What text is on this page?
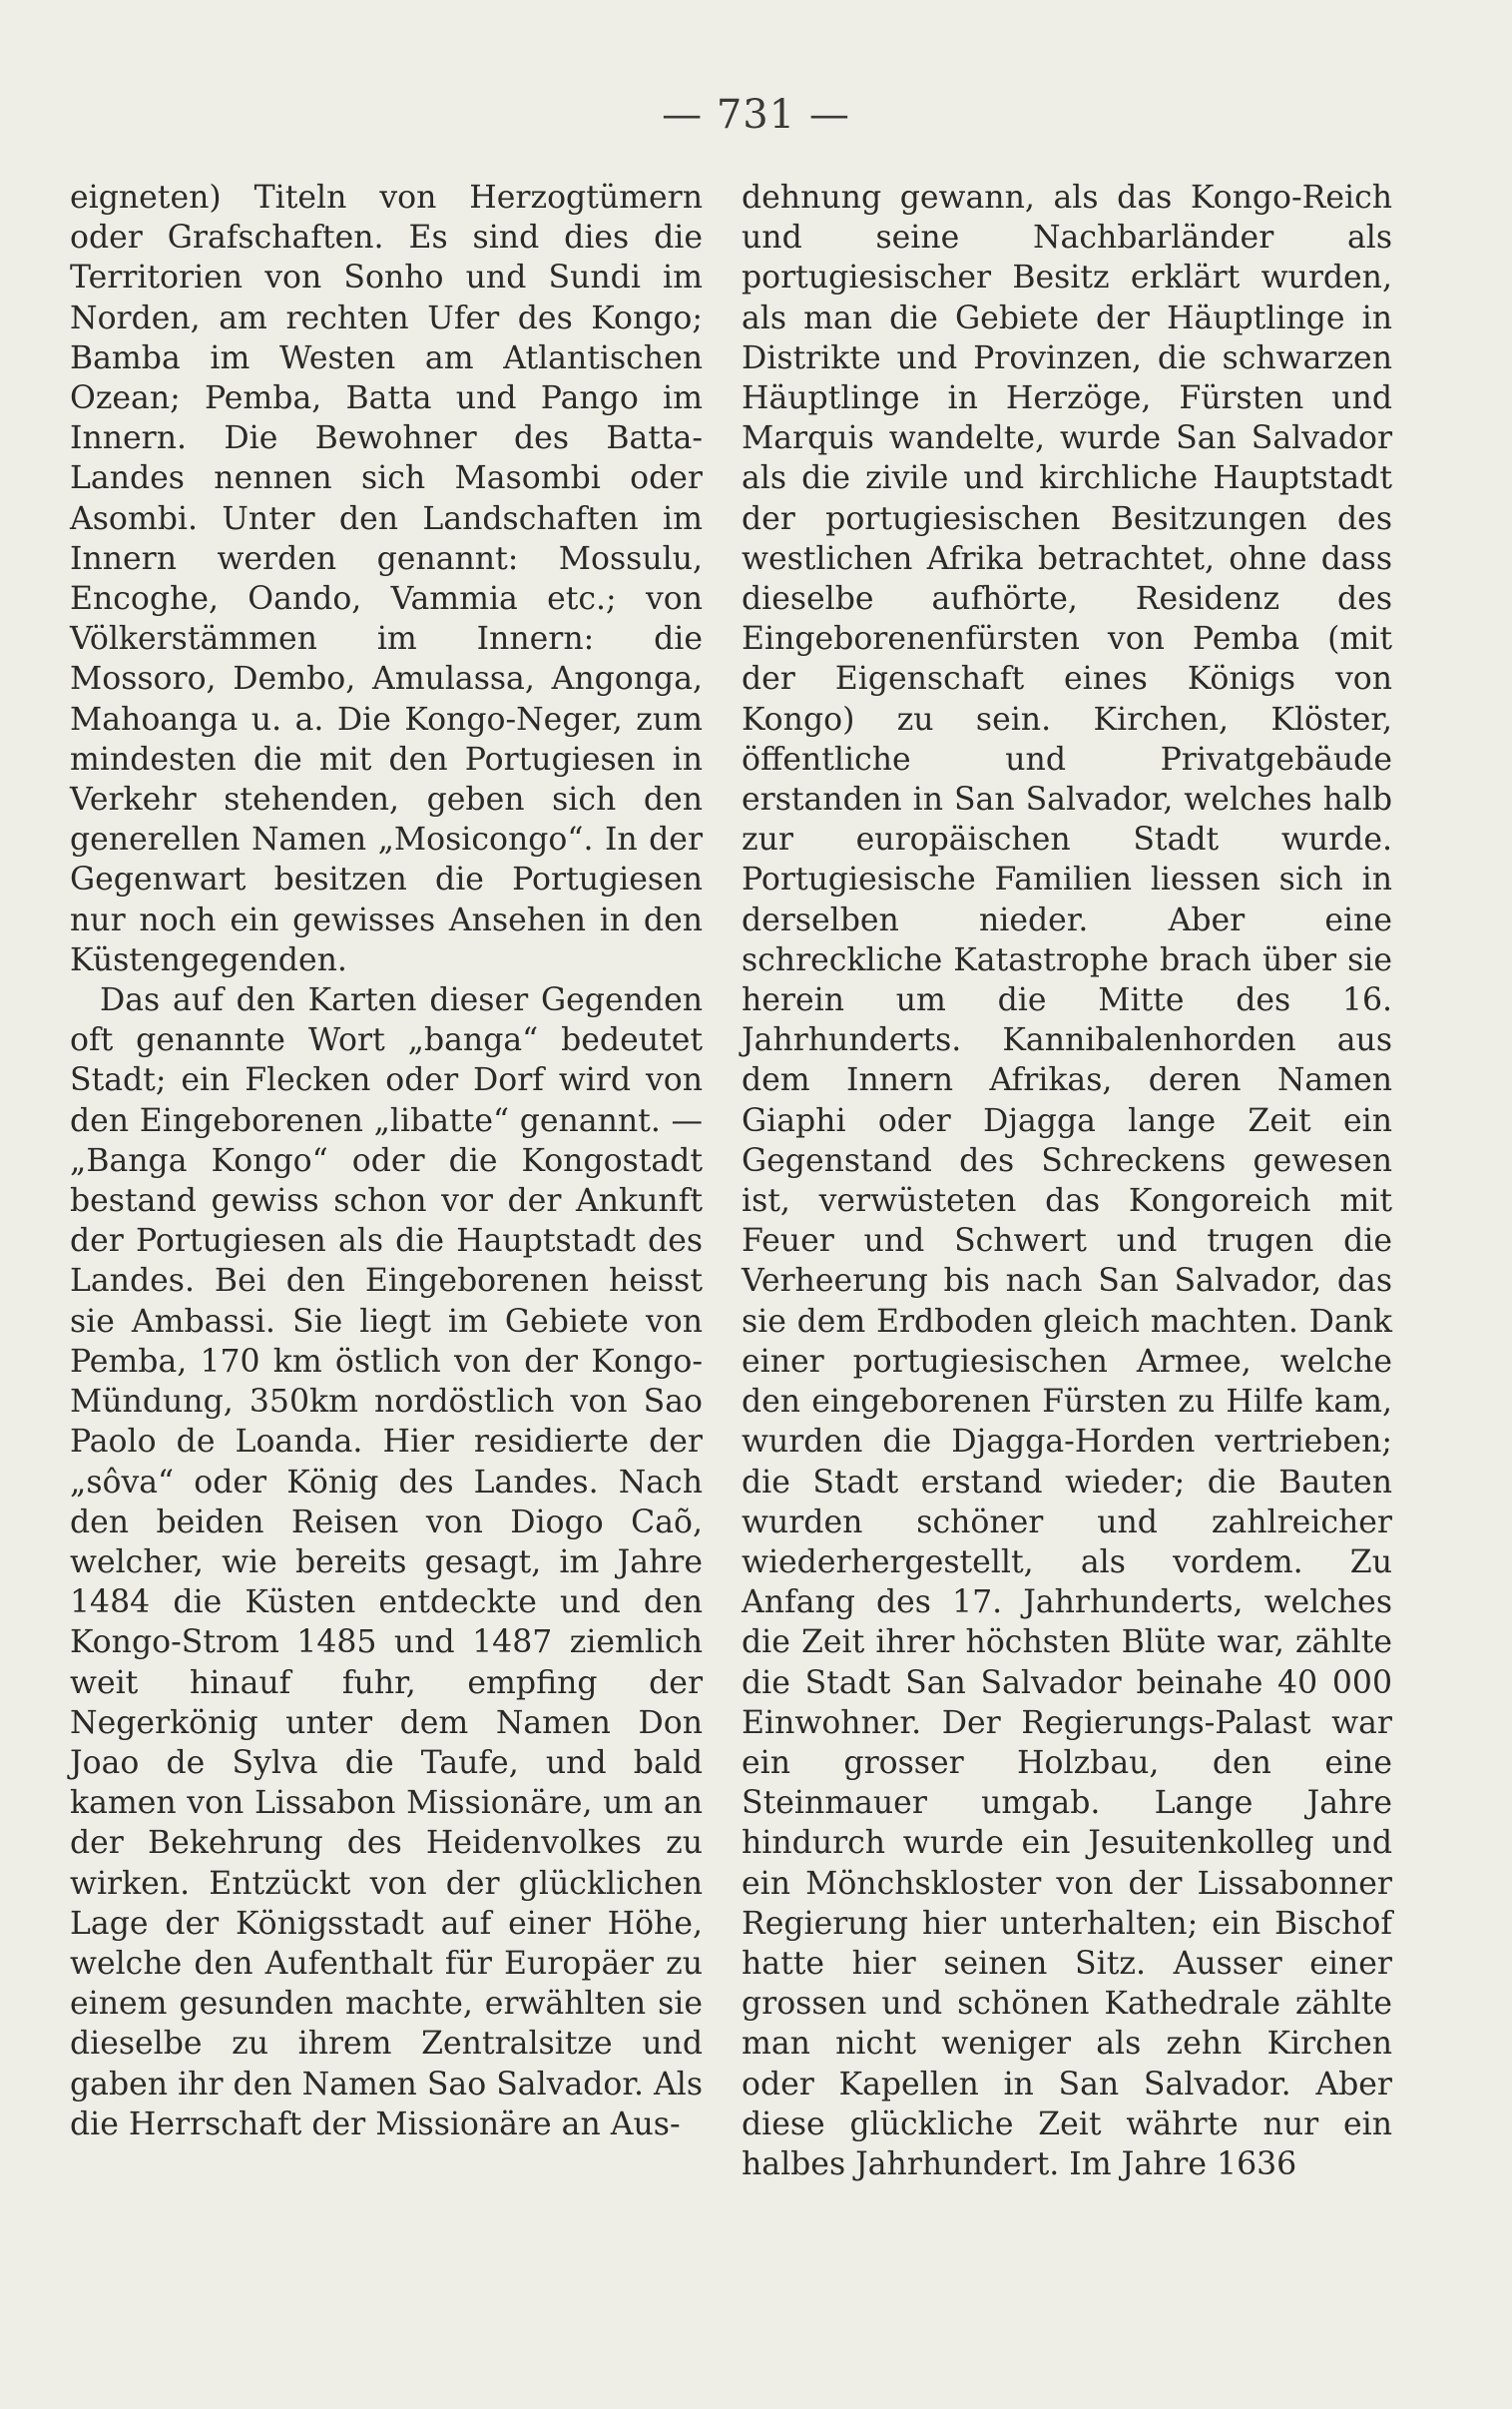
— 731 —

eigneten) Titeln von Herzogtümern oder Grafschaften. Es sind dies die Territorien von Sonho und Sundi im Norden, am rechten Ufer des Kongo; Bamba im Westen am Atlantischen Ozean; Pemba, Batta und Pango im Innern. Die Bewohner des Batta-Landes nennen sich Masombi oder Asombi. Unter den Landschaften im Innern werden genannt: Mossulu, Encoghe, Oando, Vammia etc.; von Völkerstämmen im Innern: die Mossoro, Dembo, Amulassa, Angonga, Mahoanga u. a. Die Kongo-Neger, zum mindesten die mit den Portugiesen in Verkehr stehenden, geben sich den generellen Namen „Mosicongo“. In der Gegenwart besitzen die Portugiesen nur noch ein gewisses Ansehen in den Küstengegenden.

Das auf den Karten dieser Gegenden oft genannte Wort „banga“ bedeutet Stadt; ein Flecken oder Dorf wird von den Eingeborenen „libatte“ genannt. — „Banga Kongo“ oder die Kongostadt bestand gewiss schon vor der Ankunft der Portugiesen als die Hauptstadt des Landes. Bei den Eingeborenen heisst sie Ambassi. Sie liegt im Gebiete von Pemba, 170 km östlich von der Kongo-Mündung, 350km nordöstlich von Sao Paolo de Loanda. Hier residierte der „sôva“ oder König des Landes. Nach den beiden Reisen von Diogo Caõ, welcher, wie bereits gesagt, im Jahre 1484 die Küsten entdeckte und den Kongo-Strom 1485 und 1487 ziemlich weit hinauf fuhr, empfing der Negerkönig unter dem Namen Don Joao de Sylva die Taufe, und bald kamen von Lissabon Missionäre, um an der Bekehrung des Heidenvolkes zu wirken. Entzückt von der glücklichen Lage der Königsstadt auf einer Höhe, welche den Aufenthalt für Europäer zu einem gesunden machte, erwählten sie dieselbe zu ihrem Zentralsitze und gaben ihr den Namen Sao Salvador. Als die Herrschaft der Missionäre an Aus-

dehnung gewann, als das Kongo-Reich und seine Nachbarländer als portugiesischer Besitz erklärt wurden, als man die Gebiete der Häuptlinge in Distrikte und Provinzen, die schwarzen Häuptlinge in Herzöge, Fürsten und Marquis wandelte, wurde San Salvador als die zivile und kirchliche Hauptstadt der portugiesischen Besitzungen des westlichen Afrika betrachtet, ohne dass dieselbe aufhörte, Residenz des Eingeborenenfürsten von Pemba (mit der Eigenschaft eines Königs von Kongo) zu sein. Kirchen, Klöster, öffentliche und Privatgebäude erstanden in San Salvador, welches halb zur europäischen Stadt wurde. Portugiesische Familien liessen sich in derselben nieder. Aber eine schreckliche Katastrophe brach über sie herein um die Mitte des 16. Jahrhunderts. Kannibalenhorden aus dem Innern Afrikas, deren Namen Giaphi oder Djagga lange Zeit ein Gegenstand des Schreckens gewesen ist, verwüsteten das Kongoreich mit Feuer und Schwert und trugen die Verheerung bis nach San Salvador, das sie dem Erdboden gleich machten. Dank einer portugiesischen Armee, welche den eingeborenen Fürsten zu Hilfe kam, wurden die Djagga-Horden vertrieben; die Stadt erstand wieder; die Bauten wurden schöner und zahlreicher wiederhergestellt, als vordem. Zu Anfang des 17. Jahrhunderts, welches die Zeit ihrer höchsten Blüte war, zählte die Stadt San Salvador beinahe 40 000 Einwohner. Der Regierungs-Palast war ein grosser Holzbau, den eine Steinmauer umgab. Lange Jahre hindurch wurde ein Jesuitenkolleg und ein Mönchskloster von der Lissabonner Regierung hier unterhalten; ein Bischof hatte hier seinen Sitz. Ausser einer grossen und schönen Kathedrale zählte man nicht weniger als zehn Kirchen oder Kapellen in San Salvador. Aber diese glückliche Zeit währte nur ein halbes Jahrhundert. Im Jahre 1636
